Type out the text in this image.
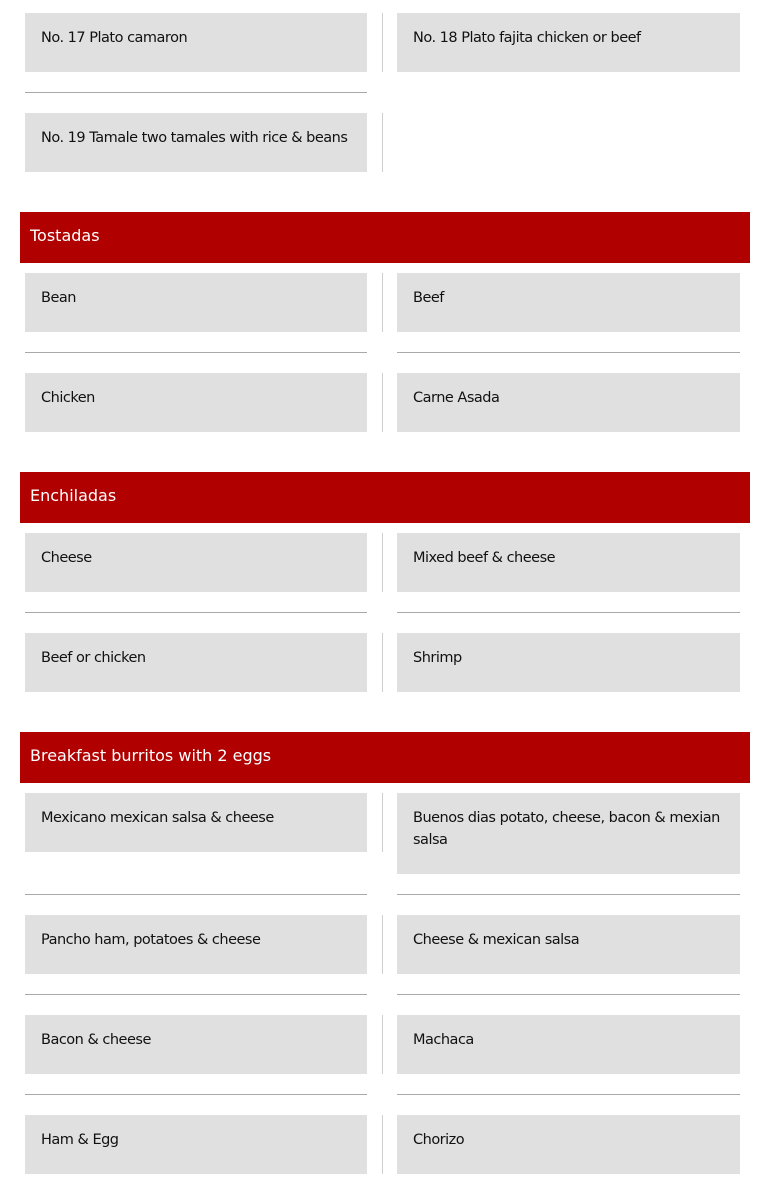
No. 17 Plato camaron	No. 18 Plato fajita chicken or beef
No. 19 Tamale two tamales with rice & beans
Tostadas
Bean	Beef
Chicken	Carne Asada
Enchiladas
Cheese	Mixed beef & cheese
Beef or chicken	Shrimp
Breakfast burritos with 2 eggs
Mexicano mexican salsa & cheese	Buenos dias potato, cheese, bacon & mexian salsa
Pancho ham, potatoes & cheese	Cheese & mexican salsa
Bacon & cheese	Machaca
Ham & Egg	Chorizo
